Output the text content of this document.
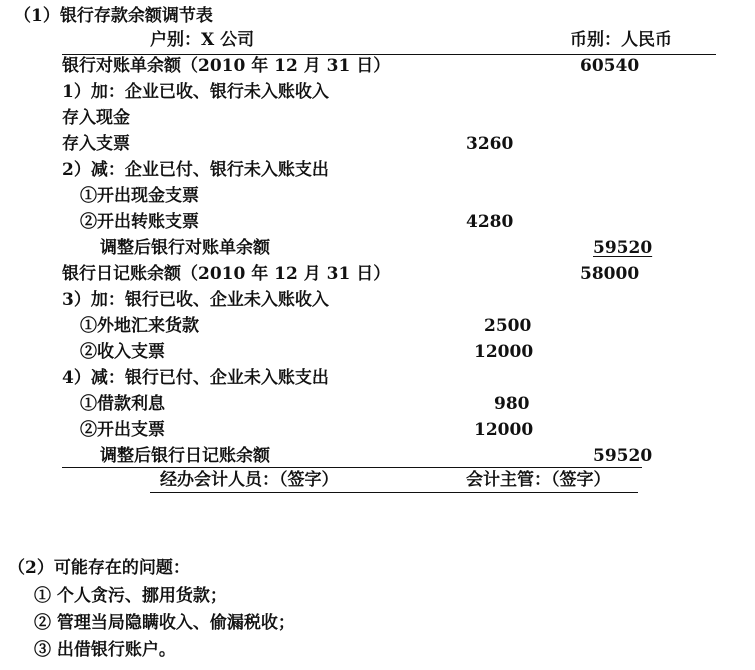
（1）银行存款余额调节表
户别：X 公司	币别：人民币
银行对账单余额（2010 年 12 月 31 日）	60540
1）加：企业已收、银行未入账收入
存入现金
存入支票	3260
2）减：企业已付、银行未入账支出
①开出现金支票
②开出转账支票	4280
调整后银行对账单余额	59520
银行日记账余额（2010 年 12 月 31 日）	58000
3）加：银行已收、企业未入账收入
①外地汇来货款	2500
②收入支票	12000
4）减：银行已付、企业未入账支出
①借款利息	980
②开出支票	12000
调整后银行日记账余额	59520
经办会计人员：（签字）	会计主管：（签字）
（2）可能存在的问题：
① 个人贪污、挪用货款；
② 管理当局隐瞒收入、偷漏税收；
③ 出借银行账户。
